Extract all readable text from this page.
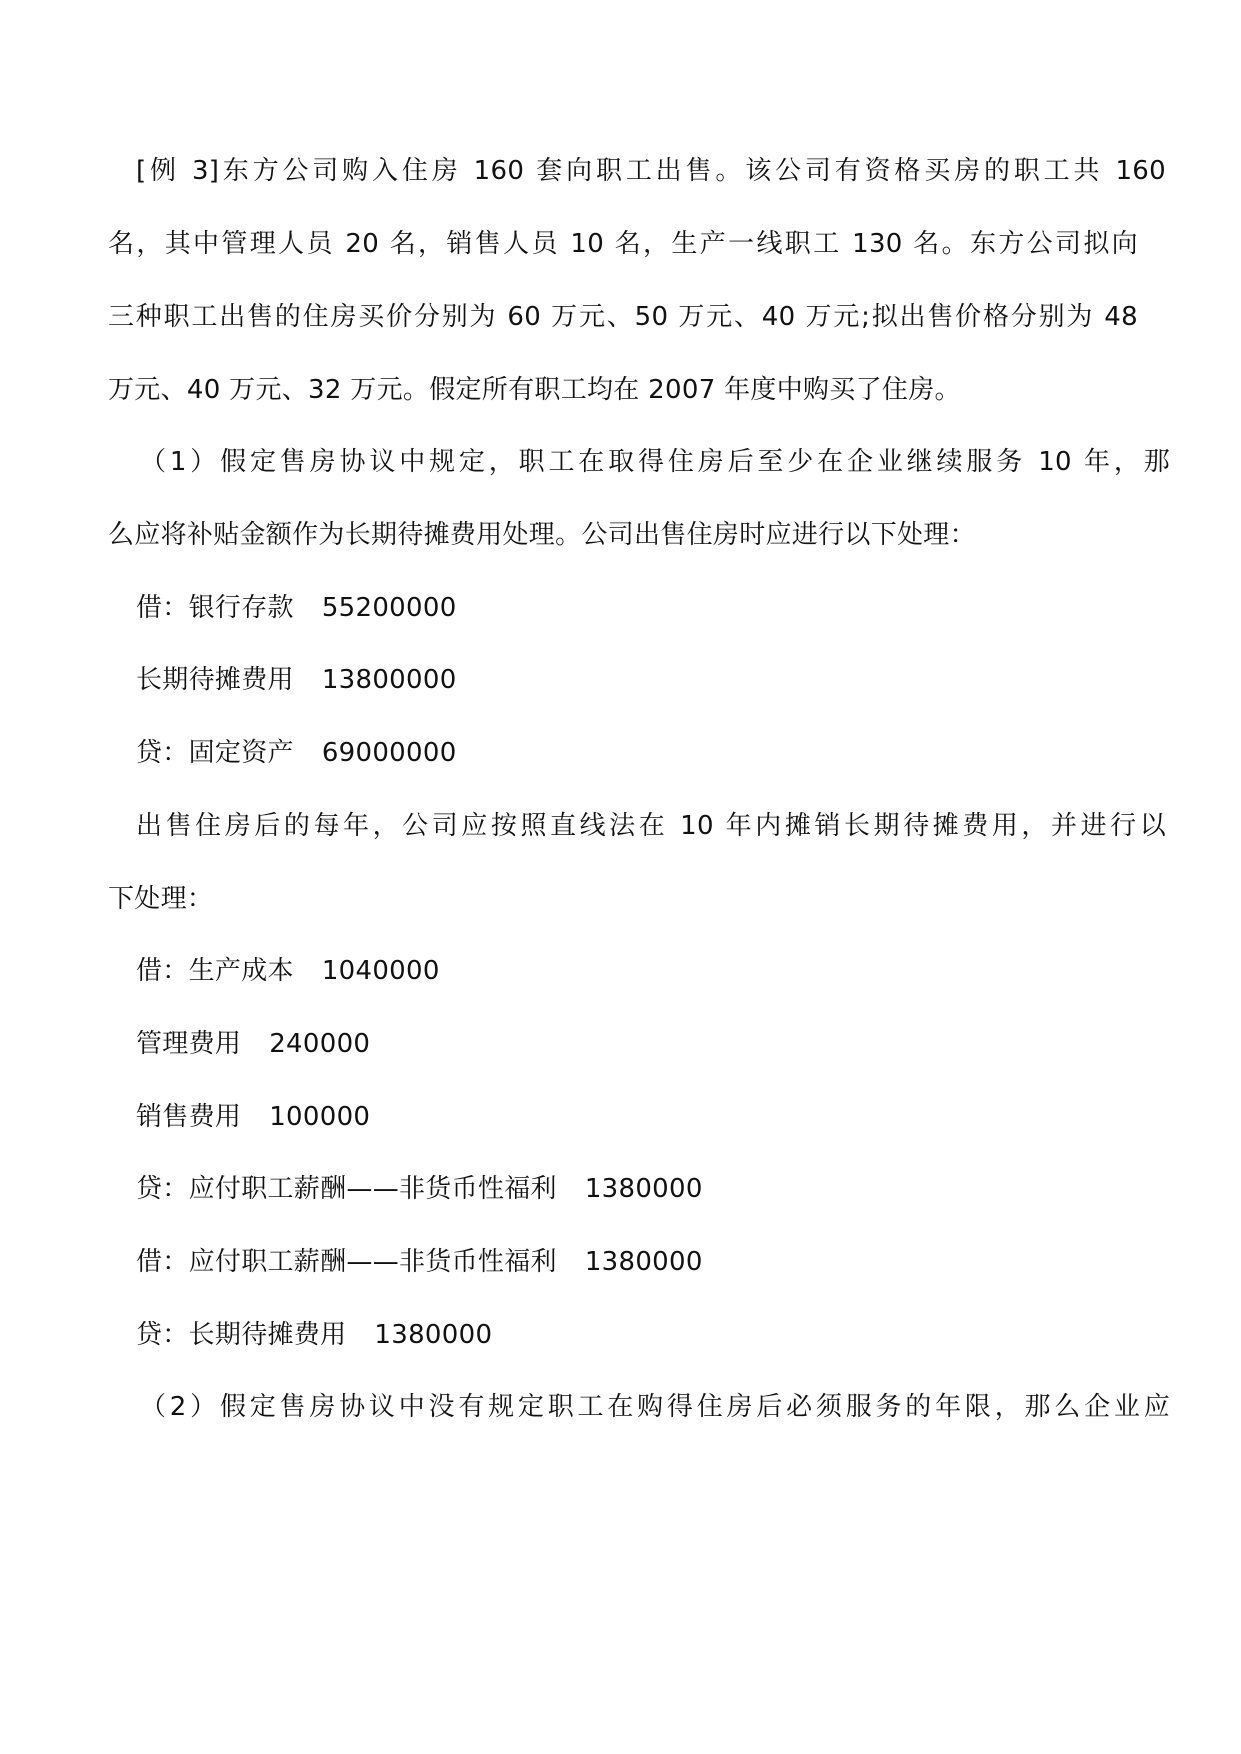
[例 3]东方公司购入住房 160 套向职工出售。该公司有资格买房的职工共 160
名，其中管理人员 20 名，销售人员 10 名，生产一线职工 130 名。东方公司拟向
三种职工出售的住房买价分别为 60 万元、50 万元、40 万元;拟出售价格分别为 48
万元、40 万元、32 万元。假定所有职工均在 2007 年度中购买了住房。
（1）假定售房协议中规定，职工在取得住房后至少在企业继续服务 10 年，那
么应将补贴金额作为长期待摊费用处理。公司出售住房时应进行以下处理：
借：银行存款 55200000
长期待摊费用 13800000
贷：固定资产 69000000
出售住房后的每年，公司应按照直线法在 10 年内摊销长期待摊费用，并进行以
下处理：
借：生产成本 1040000
管理费用 240000
销售费用 100000
贷：应付职工薪酬——非货币性福利 1380000
借：应付职工薪酬——非货币性福利 1380000
贷：长期待摊费用 1380000
（2）假定售房协议中没有规定职工在购得住房后必须服务的年限，那么企业应
